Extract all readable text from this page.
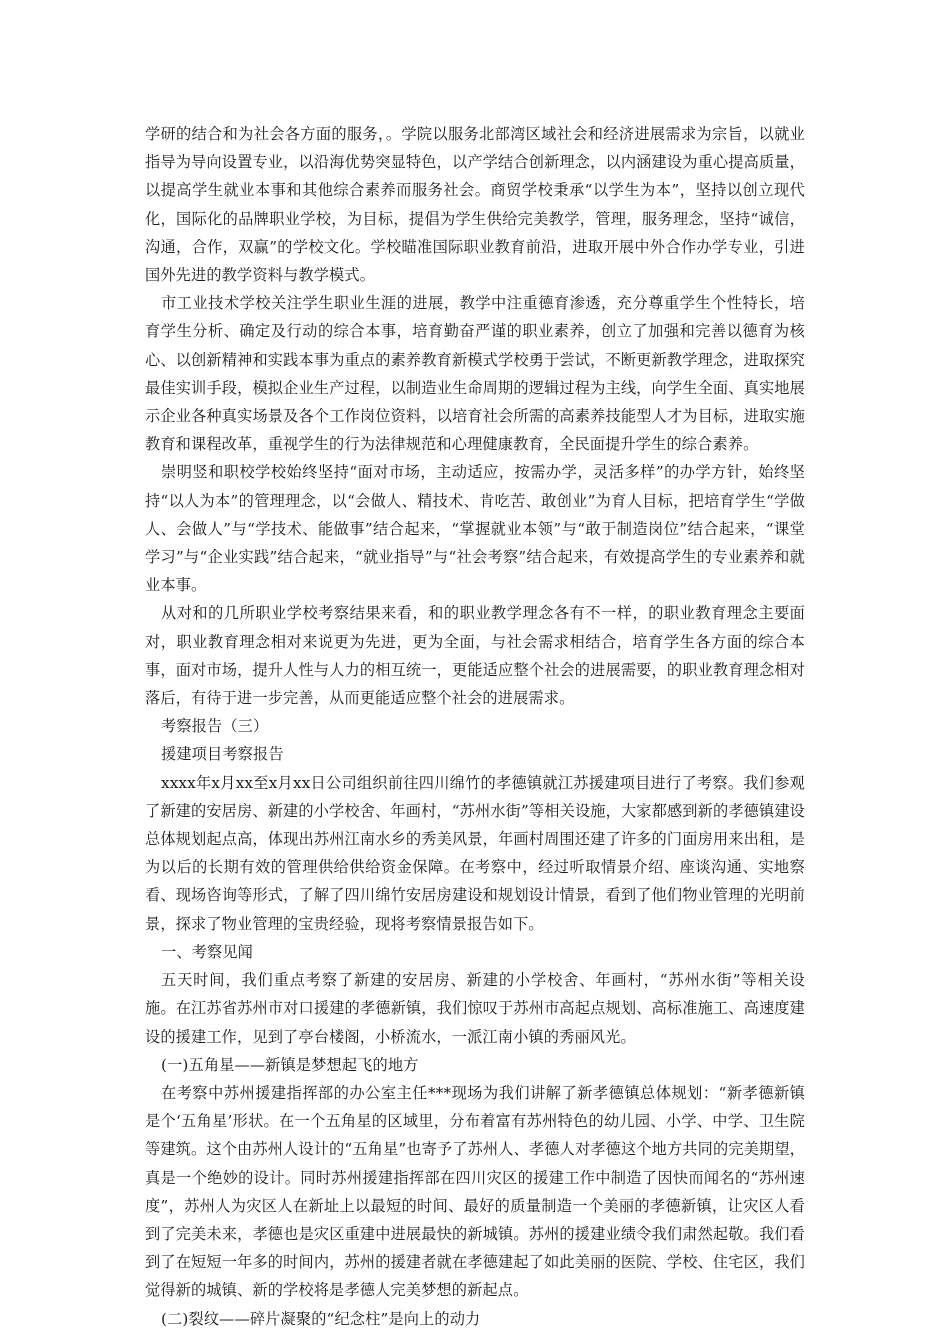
学研的结合和为社会各方面的服务，。学院以服务北部湾区域社会和经济进展需求为宗旨，以就业指导为导向设置专业，以沿海优势突显特色，以产学结合创新理念，以内涵建设为重心提高质量，以提高学生就业本事和其他综合素养而服务社会。商贸学校秉承“以学生为本”，坚持以创立现代化，国际化的品牌职业学校，为目标，提倡为学生供给完美教学，管理，服务理念，坚持“诚信，沟通，合作，双赢”的学校文化。学校瞄准国际职业教育前沿，进取开展中外合作办学专业，引进国外先进的教学资料与教学模式。

市工业技术学校关注学生职业生涯的进展，教学中注重德育渗透，充分尊重学生个性特长，培育学生分析、确定及行动的综合本事，培育勤奋严谨的职业素养，创立了加强和完善以德育为核心、以创新精神和实践本事为重点的素养教育新模式学校勇于尝试，不断更新教学理念，进取探究最佳实训手段，模拟企业生产过程，以制造业生命周期的逻辑过程为主线，向学生全面、真实地展示企业各种真实场景及各个工作岗位资料，以培育社会所需的高素养技能型人才为目标，进取实施教育和课程改革，重视学生的行为法律规范和心理健康教育，全民面提升学生的综合素养。

崇明竖和职校学校始终坚持“面对市场，主动适应，按需办学，灵活多样”的办学方针，始终坚持“以人为本”的管理理念，以“会做人、精技术、肯吃苦、敢创业”为育人目标，把培育学生“学做人、会做人”与“学技术、能做事”结合起来，“掌握就业本领”与“敢于制造岗位”结合起来，“课堂学习”与“企业实践”结合起来，“就业指导”与“社会考察”结合起来，有效提高学生的专业素养和就业本事。

从对和的几所职业学校考察结果来看，和的职业教学理念各有不一样，的职业教育理念主要面对，职业教育理念相对来说更为先进，更为全面，与社会需求相结合，培育学生各方面的综合本事，面对市场，提升人性与人力的相互统一，更能适应整个社会的进展需要，的职业教育理念相对落后，有待于进一步完善，从而更能适应整个社会的进展需求。

考察报告（三）

援建项目考察报告

xxxx年x月xx至x月xx日公司组织前往四川绵竹的孝德镇就江苏援建项目进行了考察。我们参观了新建的安居房、新建的小学校舍、年画村，“苏州水街”等相关设施，大家都感到新的孝德镇建设总体规划起点高，体现出苏州江南水乡的秀美风景，年画村周围还建了许多的门面房用来出租，是为以后的长期有效的管理供给供给资金保障。在考察中，经过听取情景介绍、座谈沟通、实地察看、现场咨询等形式，了解了四川绵竹安居房建设和规划设计情景，看到了他们物业管理的光明前景，探求了物业管理的宝贵经验，现将考察情景报告如下。

一、考察见闻

五天时间，我们重点考察了新建的安居房、新建的小学校舍、年画村，“苏州水街”等相关设施。在江苏省苏州市对口援建的孝德新镇，我们惊叹于苏州市高起点规划、高标准施工、高速度建设的援建工作，见到了亭台楼阁，小桥流水，一派江南小镇的秀丽风光。

(一)五角星——新镇是梦想起飞的地方

在考察中苏州援建指挥部的办公室主任***现场为我们讲解了新孝德镇总体规划：“新孝德新镇是个‘五角星’形状。在一个五角星的区域里，分布着富有苏州特色的幼儿园、小学、中学、卫生院等建筑。这个由苏州人设计的“五角星”也寄予了苏州人、孝德人对孝德这个地方共同的完美期望，真是一个绝妙的设计。同时苏州援建指挥部在四川灾区的援建工作中制造了因快而闻名的“苏州速度”，苏州人为灾区人在新址上以最短的时间、最好的质量制造一个美丽的孝德新镇，让灾区人看到了完美未来，孝德也是灾区重建中进展最快的新城镇。苏州的援建业绩令我们肃然起敬。我们看到了在短短一年多的时间内，苏州的援建者就在孝德建起了如此美丽的医院、学校、住宅区，我们觉得新的城镇、新的学校将是孝德人完美梦想的新起点。

(二)裂纹——碎片凝聚的“纪念柱”是向上的动力
